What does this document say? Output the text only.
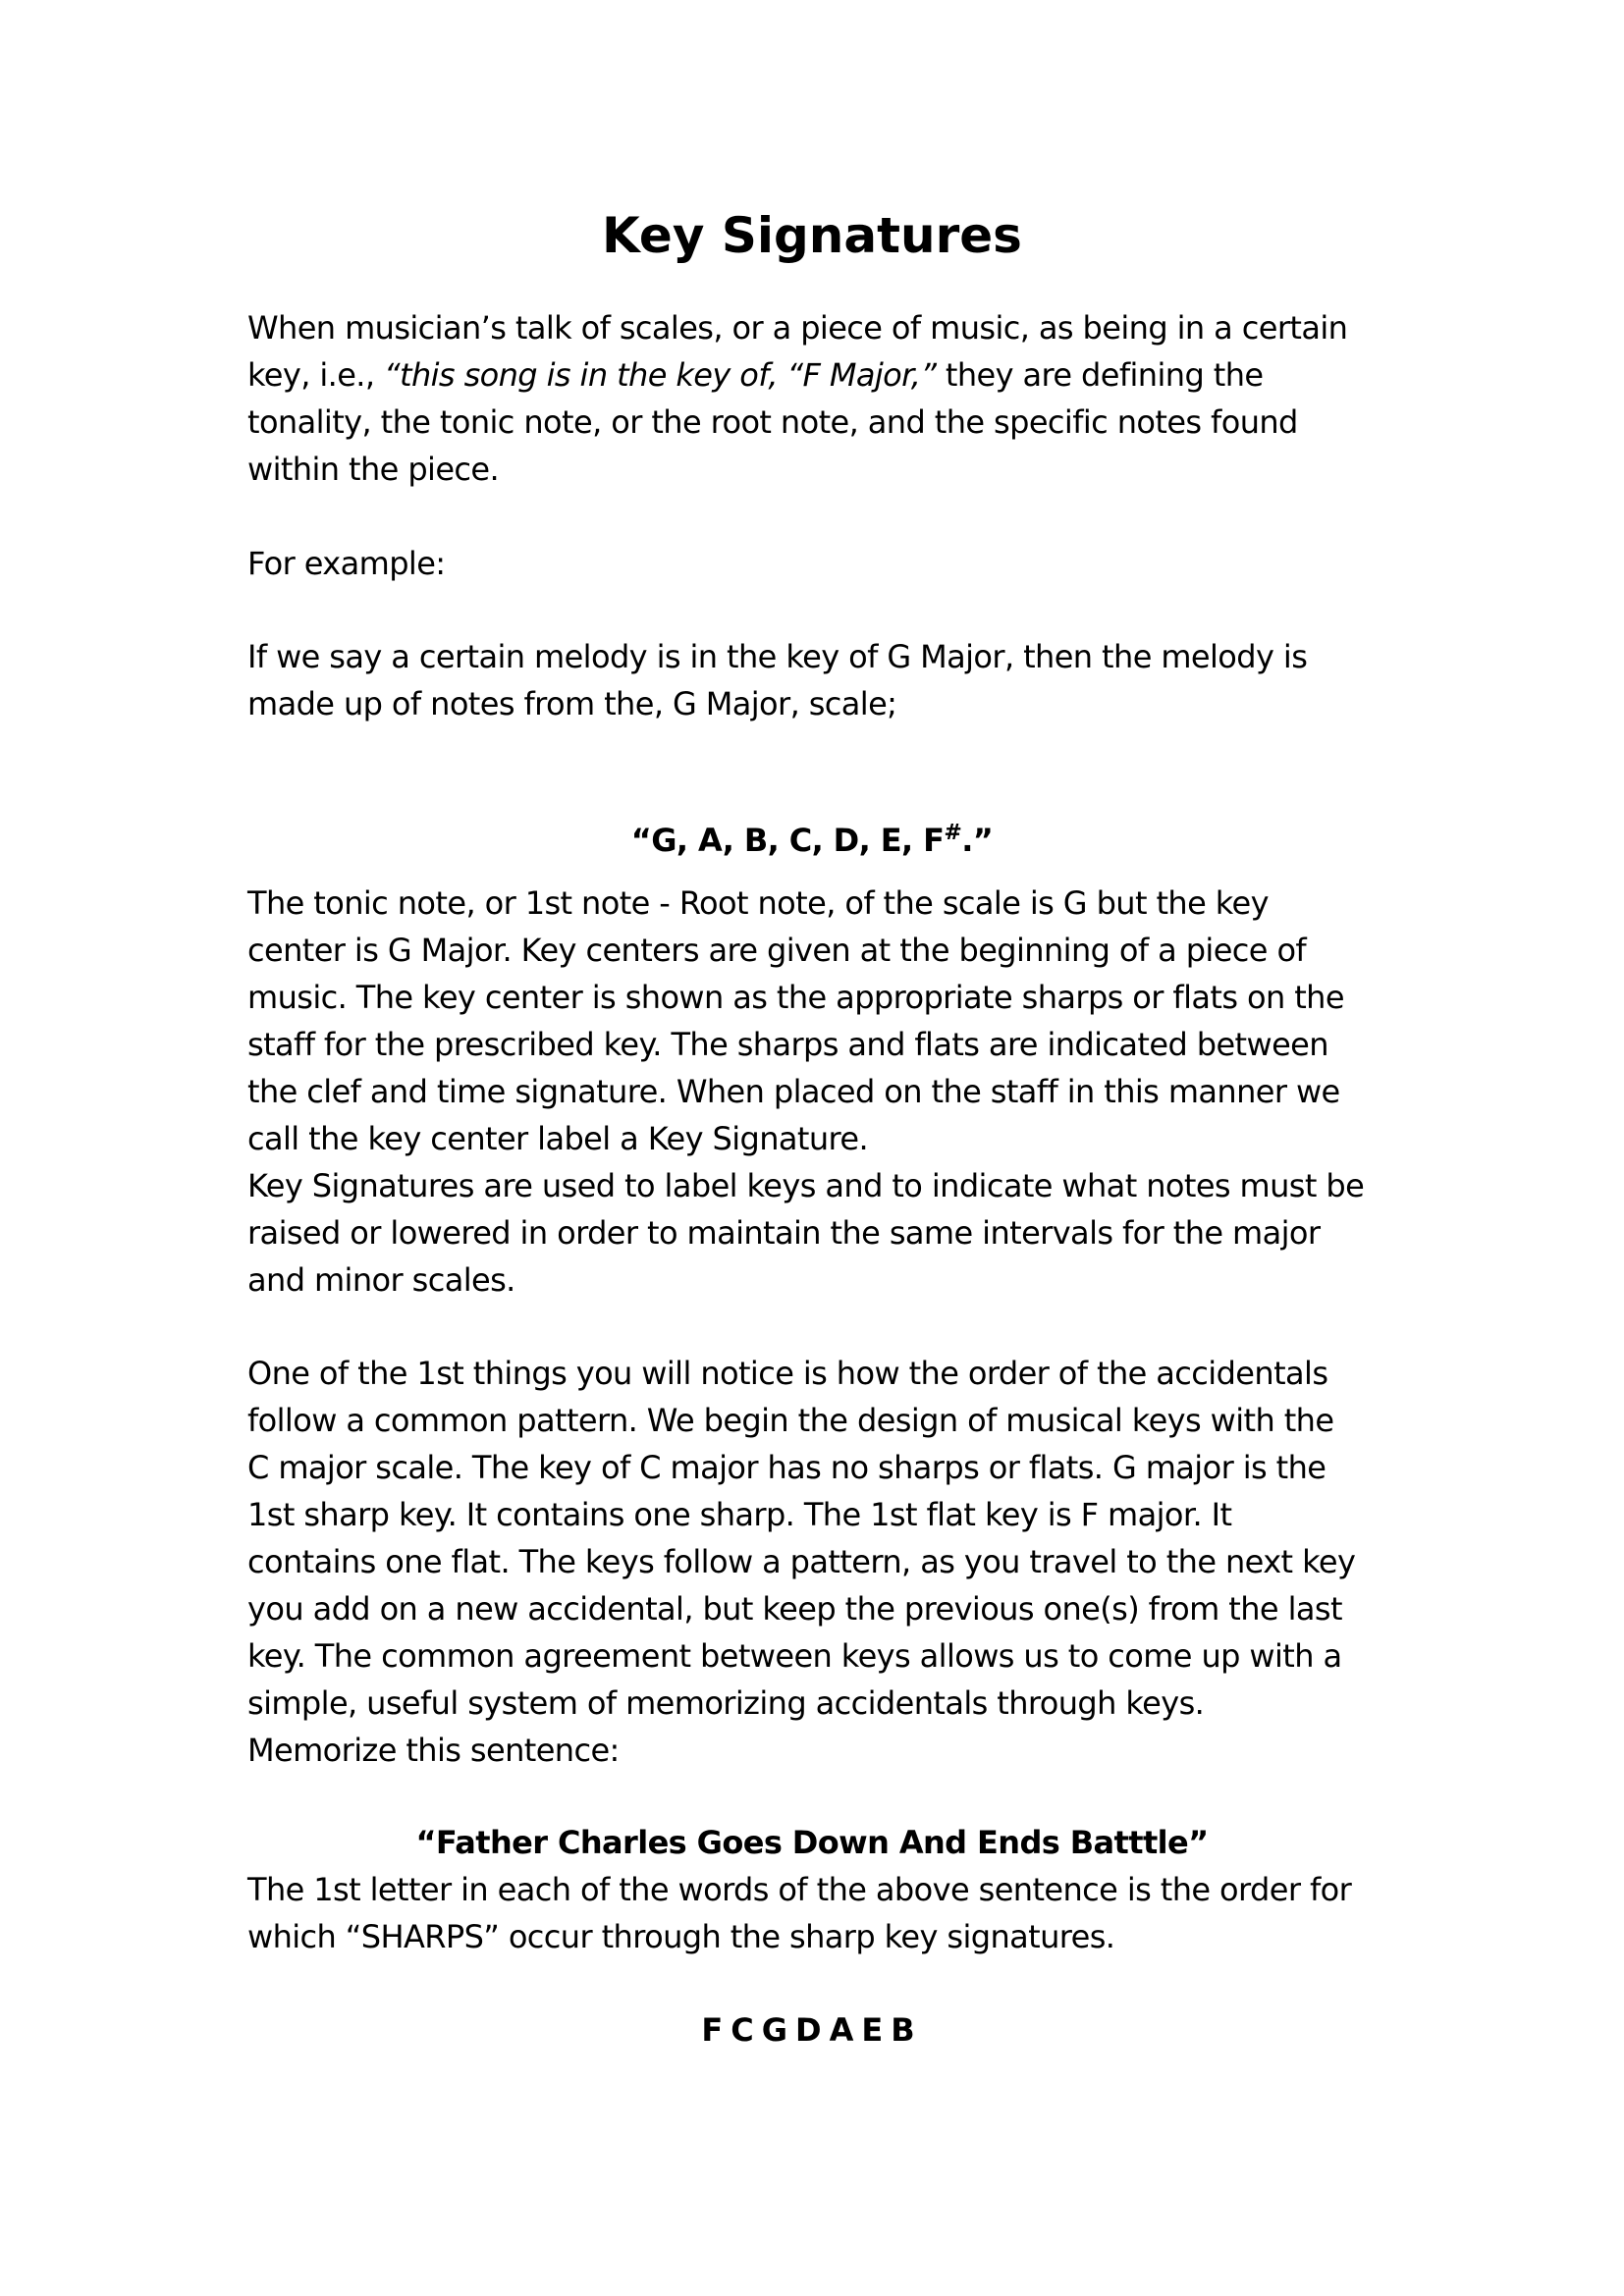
Key Signatures
When musician’s talk of scales, or a piece of music, as being in a certain
key, i.e., “this song is in the key of, “F Major,” they are defining the
tonality, the tonic note, or the root note, and the specific notes found
within the piece.
For example:
If we say a certain melody is in the key of G Major, then the melody is
made up of notes from the, G Major, scale;

“G, A, B, C, D, E, F#.”

The tonic note, or 1st note - Root note, of the scale is G but the key
center is G Major. Key centers are given at the beginning of a piece of
music. The key center is shown as the appropriate sharps or flats on the
staff for the prescribed key. The sharps and flats are indicated between
the clef and time signature. When placed on the staff in this manner we
call the key center label a Key Signature.
Key Signatures are used to label keys and to indicate what notes must be
raised or lowered in order to maintain the same intervals for the major
and minor scales.
One of the 1st things you will notice is how the order of the accidentals
follow a common pattern. We begin the design of musical keys with the
C major scale. The key of C major has no sharps or flats. G major is the
1st sharp key. It contains one sharp. The 1st flat key is F major. It
contains one flat. The keys follow a pattern, as you travel to the next key
you add on a new accidental, but keep the previous one(s) from the last
key. The common agreement between keys allows us to come up with a
simple, useful system of memorizing accidentals through keys.
Memorize this sentence:

“Father Charles Goes Down And Ends Batttle”

The 1st letter in each of the words of the above sentence is the order for
which “SHARPS” occur through the sharp key signatures.

FCGDAEB
